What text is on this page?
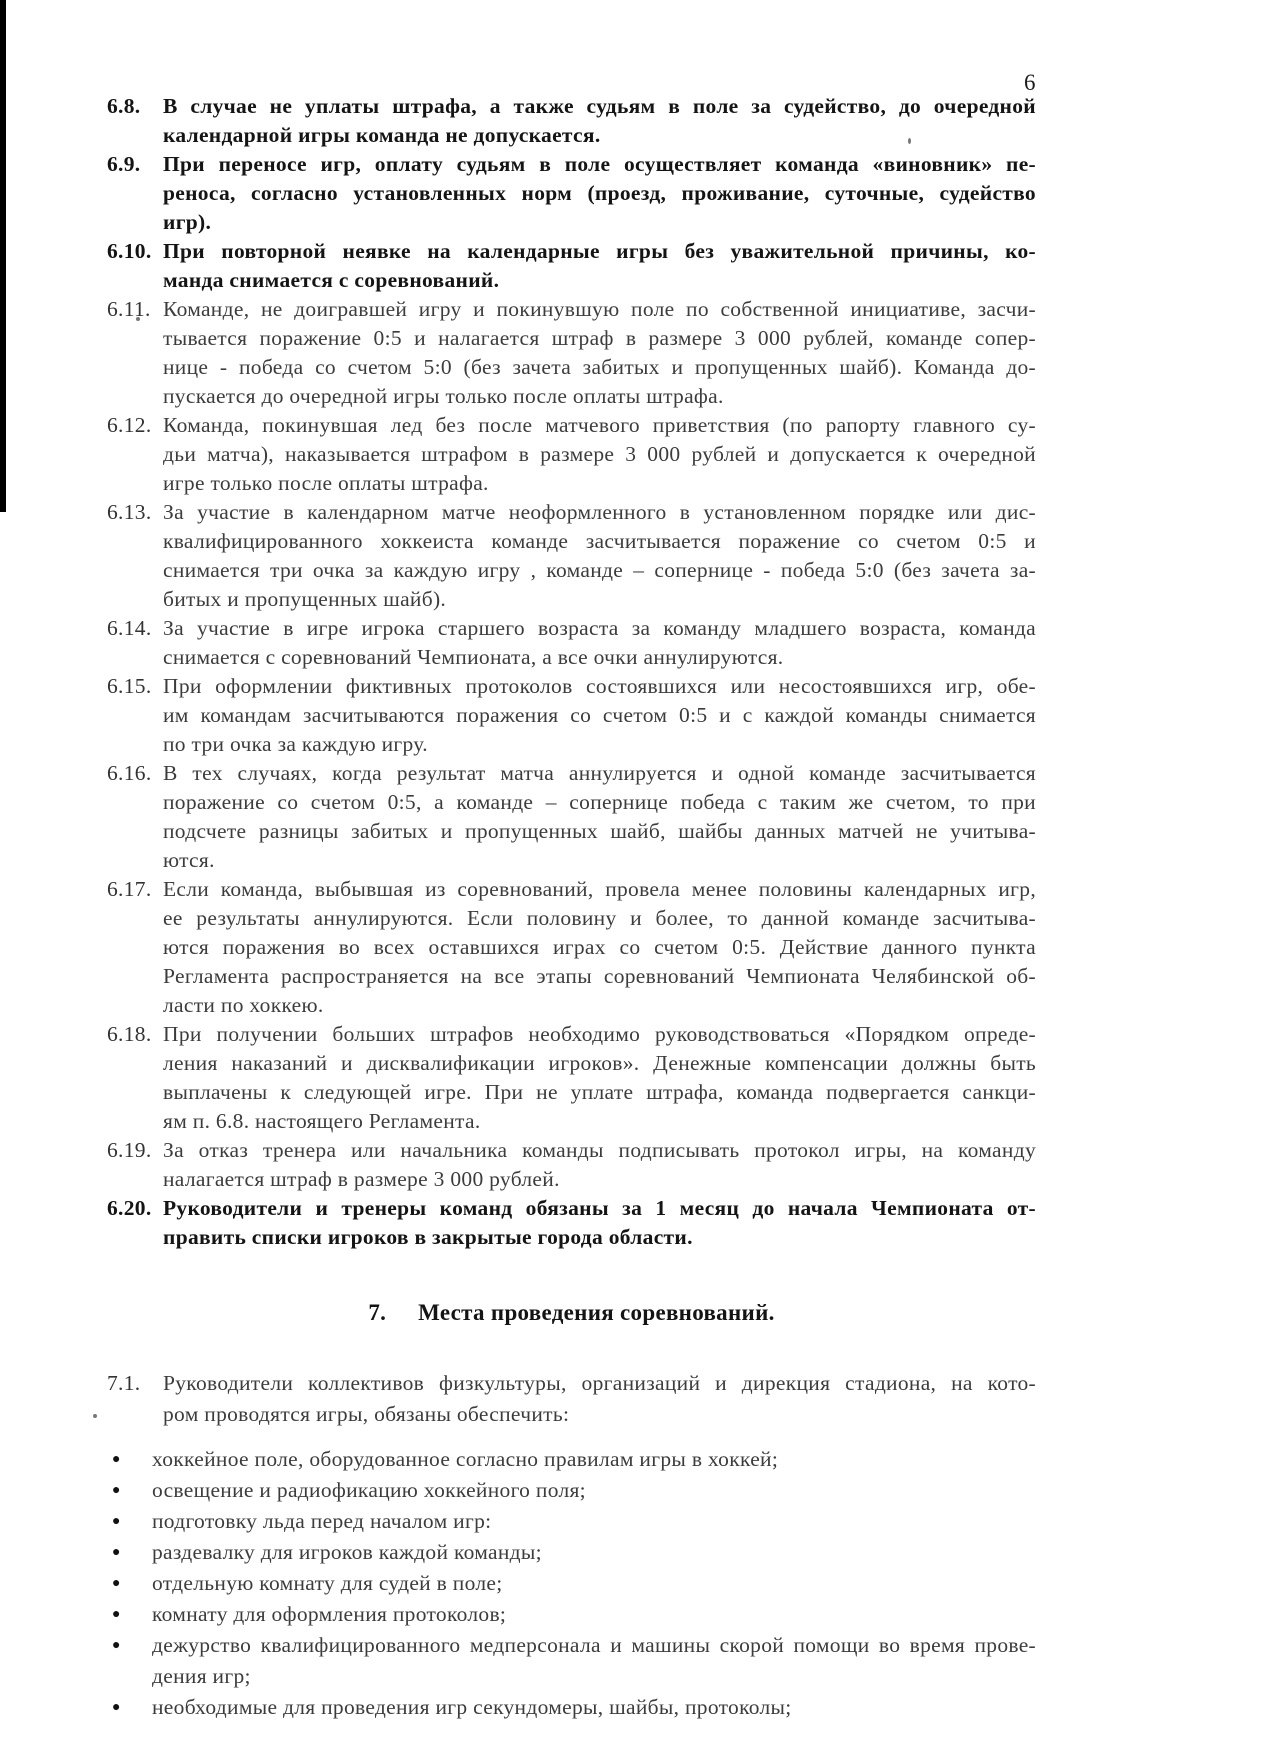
6
6.8.	В случае не уплаты штрафа, а также судьям в поле за судейство, до очередной
календарной игры команда не допускается.
6.9.	При переносе игр, оплату судьям в поле осуществляет команда «виновник» пе-
реноса, согласно установленных норм (проезд, проживание, суточные, судейство
игр).
6.10. При повторной неявке на календарные игры без уважительной причины, ко-
манда снимается с соревнований.
6.11. Команде, не доигравшей игру и покинувшую поле по собственной инициативе, засчи-
тывается поражение 0:5 и налагается штраф в размере 3 000 рублей, команде сопер-
нице - победа со счетом 5:0 (без зачета забитых и пропущенных шайб). Команда до-
пускается до очередной игры только после оплаты штрафа.
6.12. Команда, покинувшая лед без после матчевого приветствия (по рапорту главного су-
дьи матча), наказывается штрафом в размере 3 000 рублей и допускается к очередной
игре только после оплаты штрафа.
6.13. За участие в календарном матче неоформленного в установленном порядке или дис-
квалифицированного хоккеиста команде засчитывается поражение со счетом 0:5 и
снимается три очка за каждую игру , команде – сопернице - победа 5:0 (без зачета за-
битых и пропущенных шайб).
6.14. За участие в игре игрока старшего возраста за команду младшего возраста, команда
снимается с соревнований Чемпионата, а все очки аннулируются.
6.15. При оформлении фиктивных протоколов состоявшихся или несостоявшихся игр, обе-
им командам засчитываются поражения со счетом 0:5 и с каждой команды снимается
по три очка за каждую игру.
6.16. В тех случаях, когда результат матча аннулируется и одной команде засчитывается
поражение со счетом 0:5, а команде – сопернице победа с таким же счетом, то при
подсчете разницы забитых и пропущенных шайб, шайбы данных матчей не учитыва-
ются.
6.17. Если команда, выбывшая из соревнований, провела менее половины календарных игр,
ее результаты аннулируются. Если половину и более, то данной команде засчитыва-
ются поражения во всех оставшихся играх со счетом 0:5. Действие данного пункта
Регламента распространяется на все этапы соревнований Чемпионата Челябинской об-
ласти по хоккею.
6.18. При получении больших штрафов необходимо руководствоваться «Порядком опреде-
ления наказаний и дисквалификации игроков». Денежные компенсации должны быть
выплачены к следующей игре. При не уплате штрафа, команда подвергается санкци-
ям п. 6.8. настоящего Регламента.
6.19. За отказ тренера или начальника команды подписывать протокол игры, на команду
налагается штраф в размере 3 000 рублей.
6.20. Руководители и тренеры команд обязаны за 1 месяц до начала Чемпионата от-
править списки игроков в закрытые города области.
7. Места проведения соревнований.
7.1.	Руководители коллективов физкультуры, организаций и дирекция стадиона, на кото-
ром проводятся игры, обязаны обеспечить:
●	хоккейное поле, оборудованное согласно правилам игры в хоккей;
●	освещение и радиофикацию хоккейного поля;
●	подготовку льда перед началом игр:
●	раздевалку для игроков каждой команды;
●	отдельную комнату для судей в поле;
●	комнату для оформления протоколов;
●	дежурство квалифицированного медперсонала и машины скорой помощи во время прове-
дения игр;
●	необходимые для проведения игр секундомеры, шайбы, протоколы;
